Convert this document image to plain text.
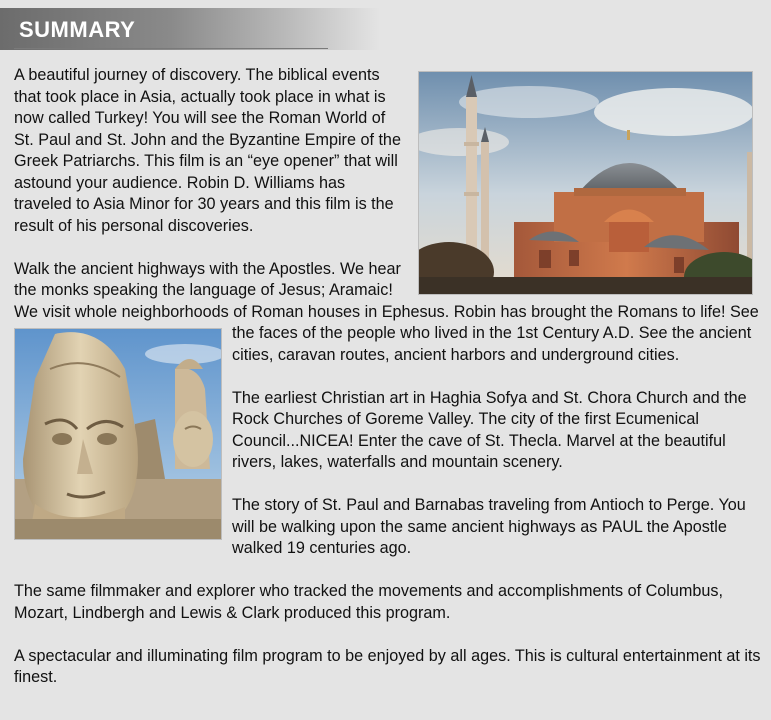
SUMMARY

A beautiful journey of discovery. The biblical events that took place in Asia, actually took place in what is now called Turkey! You will see the Roman World of St. Paul and St. John and the Byzantine Empire of the Greek Patriarchs. This film is an “eye opener” that will astound your audience. Robin D. Williams has traveled to Asia Minor for 30 years and this film is the result of his personal discoveries.

Walk the ancient highways with the Apostles. We hear the monks speaking the language of Jesus; Aramaic! We visit whole neighborhoods of Roman houses in Ephesus. Robin has brought the Romans to life! See the faces of the people who
lived in the 1st Century A.D. See the ancient cities, caravan routes, ancient harbors and underground cities.

The earliest Christian art in Haghia Sofya and St. Chora Church and the Rock Churches of Goreme Valley. The city of the first Ecumenical Council...NICEA! Enter the cave of St. Thecla. Marvel at the beautiful rivers, lakes, waterfalls and mountain scenery.

The story of St. Paul and Barnabas traveling from Antioch to Perge. You will be walking upon the same ancient highways as PAUL the Apostle walked 19 centuries ago.

The same filmmaker and explorer who tracked the movements and accomplishments of Columbus, Mozart, Lindbergh and Lewis & Clark produced this program.

A spectacular and illuminating film program to be enjoyed by all ages. This is cultural entertainment at its finest.
